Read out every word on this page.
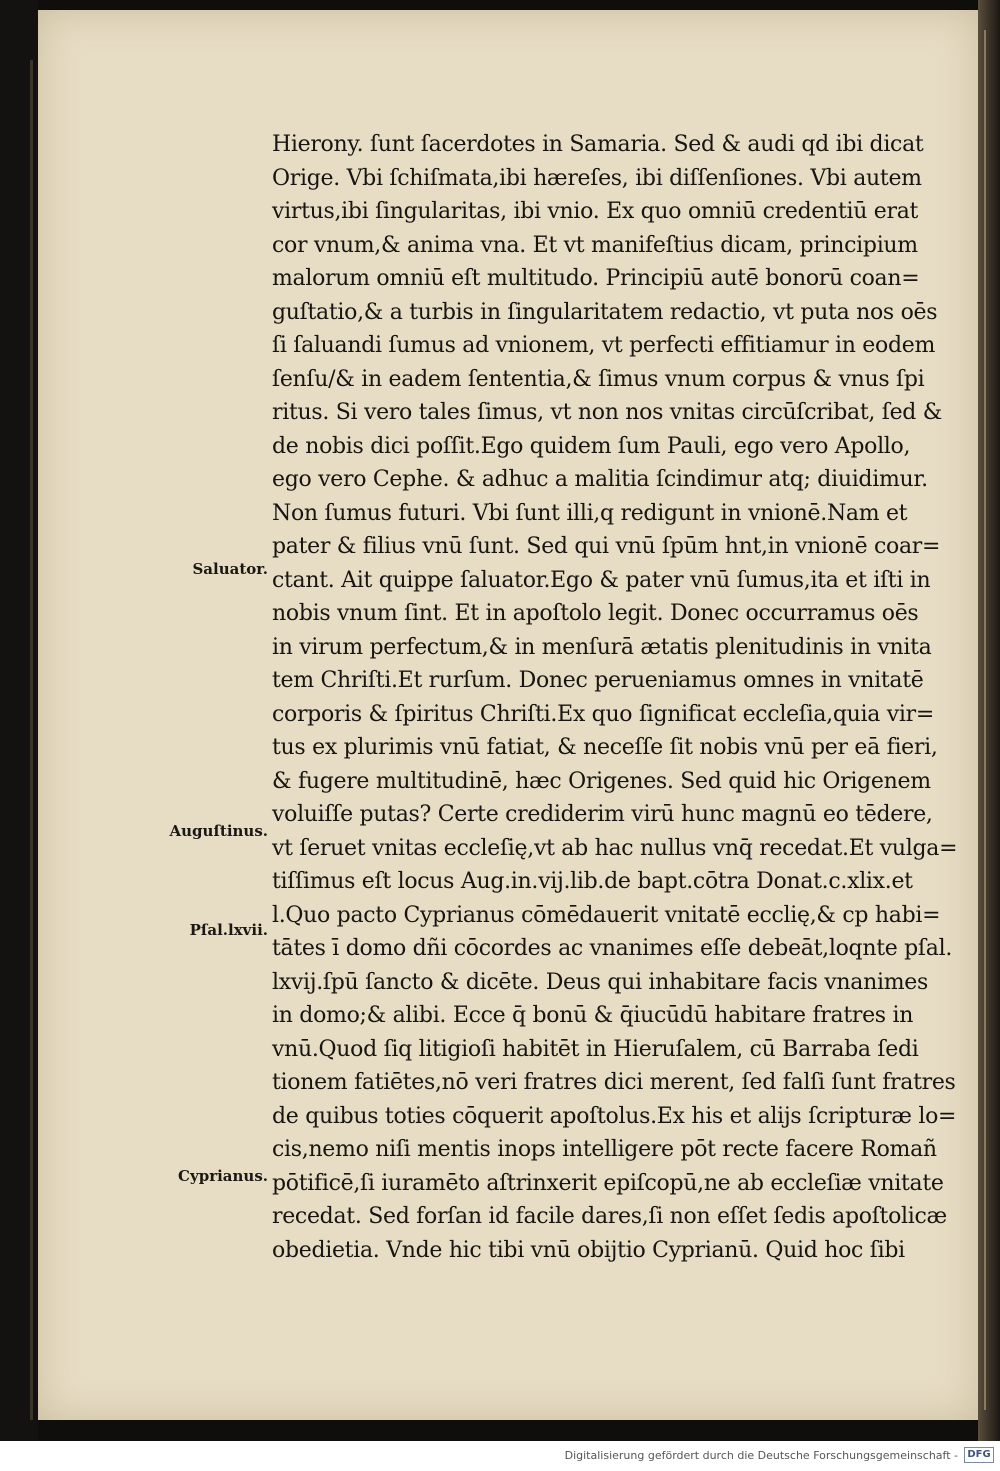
Hierony. ſunt ſacerdotes in Samaria. Sed & audi qd ibi dicat
Orige. Vbi ſchiſmata,ibi hæreſes, ibi diſſenſiones. Vbi autem
virtus,ibi ſingularitas, ibi vnio. Ex quo omniū credentiū erat
cor vnum,& anima vna. Et vt manifeſtius dicam, principium
malorum omniū eſt multitudo. Principiū autē bonorū coan=
guſtatio,& a turbis in ſingularitatem redactio, vt puta nos oēs
ſi ſaluandi ſumus ad vnionem, vt perfecti effitiamur in eodem
ſenſu/& in eadem ſententia,& ſimus vnum corpus & vnus ſpi
ritus. Si vero tales ſimus, vt non nos vnitas circūſcribat, ſed &
de nobis dici poſſit.Ego quidem ſum Pauli, ego vero Apollo,
ego vero Cephe. & adhuc a malitia ſcindimur atq; diuidimur.
Non ſumus futuri. Vbi ſunt illi,q redigunt in vnionē.Nam et
pater & filius vnū ſunt. Sed qui vnū ſpūm hnt,in vnionē coar=
ctant. Ait quippe ſaluator.Ego & pater vnū ſumus,ita et iſti in
nobis vnum ſint. Et in apoſtolo legit. Donec occurramus oēs
in virum perfectum,& in menſurā ætatis plenitudinis in vnita
tem Chriſti.Et rurſum. Donec perueniamus omnes in vnitatē
corporis & ſpiritus Chriſti.Ex quo ſignificat eccleſia,quia vir=
tus ex plurimis vnū fatiat, & neceſſe ſit nobis vnū per eā fieri,
& fugere multitudinē, hæc Origenes. Sed quid hic Origenem
voluiſſe putas? Certe crediderim virū hunc magnū eo tēdere,
vt ſeruet vnitas eccleſię,vt ab hac nullus vnq̄ recedat.Et vulga=
tiſſimus eſt locus Aug.in.vij.lib.de bapt.cōtra Donat.c.xlix.et
l.Quo pacto Cyprianus cōmēdauerit vnitatē ecclię,& cp habi=
tātes ī domo dñi cōcordes ac vnanimes eſſe debeāt,loqnte pſal.
lxvij.ſpū ſancto & dicēte. Deus qui inhabitare facis vnanimes
in domo;& alibi. Ecce q̄ bonū & q̄iucūdū habitare fratres in
vnū.Quod ſiq litigioſi habitēt in Hieruſalem, cū Barraba ſedi
tionem fatiētes,nō veri fratres dici merent, ſed falſi ſunt fratres
de quibus toties cōquerit apoſtolus.Ex his et alijs ſcripturæ lo=
cis,nemo niſi mentis inops intelligere pōt recte facere Romañ
pōtificē,ſi iuramēto aſtrinxerit epiſcopū,ne ab eccleſiæ vnitate
recedat. Sed forſan id facile dares,ſi non eſſet ſedis apoſtolicæ
obedietia. Vnde hic tibi vnū obijtio Cyprianū. Quid hoc ſibi
Saluator.
Auguſtinus.
Pſal.lxvii.
Cyprianus.
Digitalisierung gefördert durch die Deutsche Forschungsgemeinschaft - DFG
